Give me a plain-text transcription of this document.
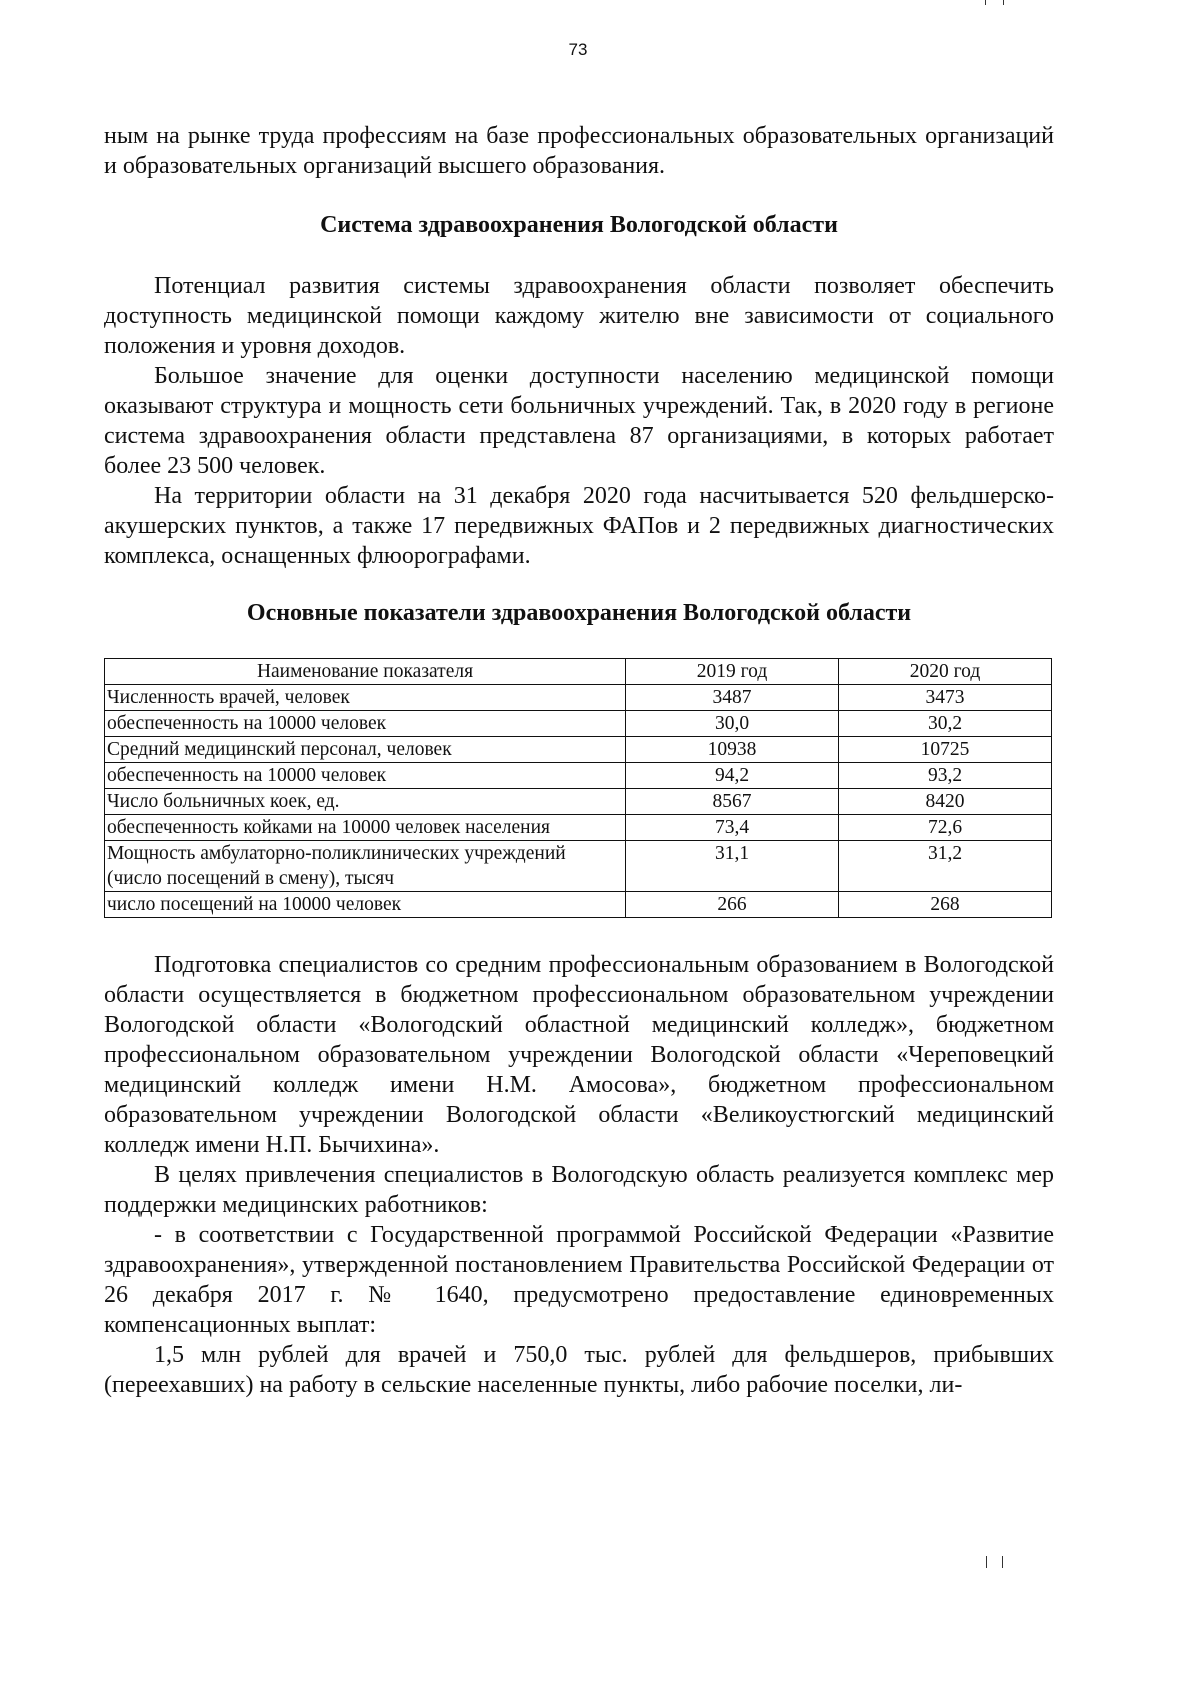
73
ным на рынке труда профессиям на базе профессиональных образовательных организаций и образовательных организаций высшего образования.
Система здравоохранения Вологодской области
Потенциал развития системы здравоохранения области позволяет обеспечить доступность медицинской помощи каждому жителю вне зависимости от социального положения и уровня доходов.
Большое значение для оценки доступности населению медицинской помощи оказывают структура и мощность сети больничных учреждений. Так, в 2020 году в регионе система здравоохранения области представлена 87 организациями, в которых работает более 23 500 человек.
На территории области на 31 декабря 2020 года насчитывается 520 фельдшерско-акушерских пунктов, а также 17 передвижных ФАПов и 2 передвижных диагностических комплекса, оснащенных флюорографами.
Основные показатели здравоохранения Вологодской области
Наименование показателя	2019 год	2020 год
Численность врачей, человек	3487	3473
обеспеченность на 10000 человек	30,0	30,2
Средний медицинский персонал, человек	10938	10725
обеспеченность на 10000 человек	94,2	93,2
Число больничных коек, ед.	8567	8420
обеспеченность койками на 10000 человек населения	73,4	72,6
Мощность амбулаторно-поликлинических учреждений (число посещений в смену), тысяч	31,1	31,2
число посещений на 10000 человек	266	268
Подготовка специалистов со средним профессиональным образованием в Вологодской области осуществляется в бюджетном профессиональном образовательном учреждении Вологодской области «Вологодский областной медицинский колледж», бюджетном профессиональном образовательном учреждении Вологодской области «Череповецкий медицинский колледж имени Н.М. Амосова», бюджетном профессиональном образовательном учреждении Вологодской области «Великоустюгский медицинский колледж имени Н.П. Бычихина».
В целях привлечения специалистов в Вологодскую область реализуется комплекс мер поддержки медицинских работников:
- в соответствии с Государственной программой Российской Федерации «Развитие здравоохранения», утвержденной постановлением Правительства Российской Федерации от 26 декабря 2017 г. № 1640, предусмотрено предоставление единовременных компенсационных выплат:
1,5 млн рублей для врачей и 750,0 тыс. рублей для фельдшеров, прибывших (переехавших) на работу в сельские населенные пункты, либо рабочие поселки, ли-
